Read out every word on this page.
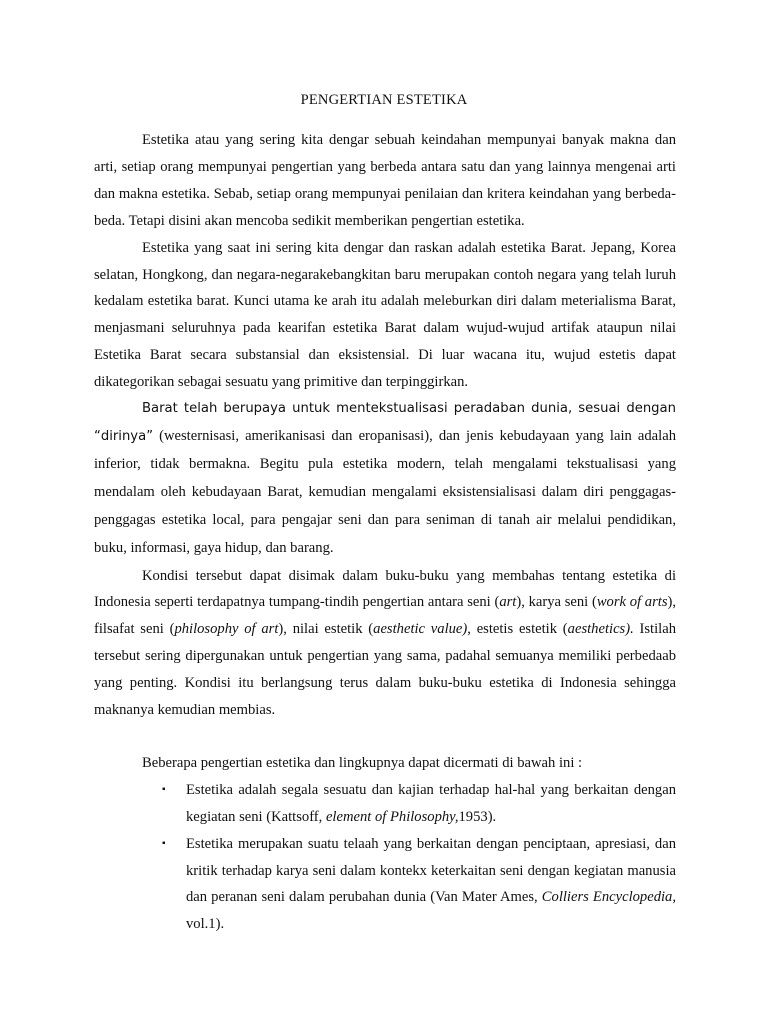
PENGERTIAN ESTETIKA

Estetika atau yang sering kita dengar sebuah keindahan mempunyai banyak makna dan arti, setiap orang mempunyai pengertian yang berbeda antara satu dan yang lainnya mengenai arti dan makna estetika. Sebab, setiap orang mempunyai penilaian dan kritera keindahan yang berbeda-beda. Tetapi disini akan mencoba sedikit memberikan pengertian estetika.

Estetika yang saat ini sering kita dengar dan raskan adalah estetika Barat. Jepang, Korea selatan, Hongkong, dan negara-negarakebangkitan baru merupakan contoh negara yang telah luruh kedalam estetika barat. Kunci utama ke arah itu adalah meleburkan diri dalam meterialisma Barat, menjasmani seluruhnya pada kearifan estetika Barat dalam wujud-wujud artifak ataupun nilai Estetika Barat secara substansial dan eksistensial. Di luar wacana itu, wujud estetis dapat dikategorikan sebagai sesuatu yang primitive dan terpinggirkan.

Barat telah berupaya untuk mentekstualisasi peradaban dunia, sesuai dengan “dirinya” (westernisasi, amerikanisasi dan eropanisasi), dan jenis kebudayaan yang lain adalah inferior, tidak bermakna. Begitu pula estetika modern, telah mengalami tekstualisasi yang mendalam oleh kebudayaan Barat, kemudian mengalami eksistensialisasi dalam diri penggagas-penggagas estetika local, para pengajar seni dan para seniman di tanah air melalui pendidikan, buku, informasi, gaya hidup, dan barang.

Kondisi tersebut dapat disimak dalam buku-buku yang membahas tentang estetika di Indonesia seperti terdapatnya tumpang-tindih pengertian antara seni (art), karya seni (work of arts), filsafat seni (philosophy of art), nilai estetik (aesthetic value), estetis estetik (aesthetics). Istilah tersebut sering dipergunakan untuk pengertian yang sama, padahal semuanya memiliki perbedaab yang penting. Kondisi itu berlangsung terus dalam buku-buku estetika di Indonesia sehingga maknanya kemudian membias.

Beberapa pengertian estetika dan lingkupnya dapat dicermati di bawah ini :

▪ Estetika adalah segala sesuatu dan kajian terhadap hal-hal yang berkaitan dengan kegiatan seni (Kattsoff, element of Philosophy,1953).
▪ Estetika merupakan suatu telaah yang berkaitan dengan penciptaan, apresiasi, dan kritik terhadap karya seni dalam kontekx keterkaitan seni dengan kegiatan manusia dan peranan seni dalam perubahan dunia (Van Mater Ames, Colliers Encyclopedia, vol.1).
